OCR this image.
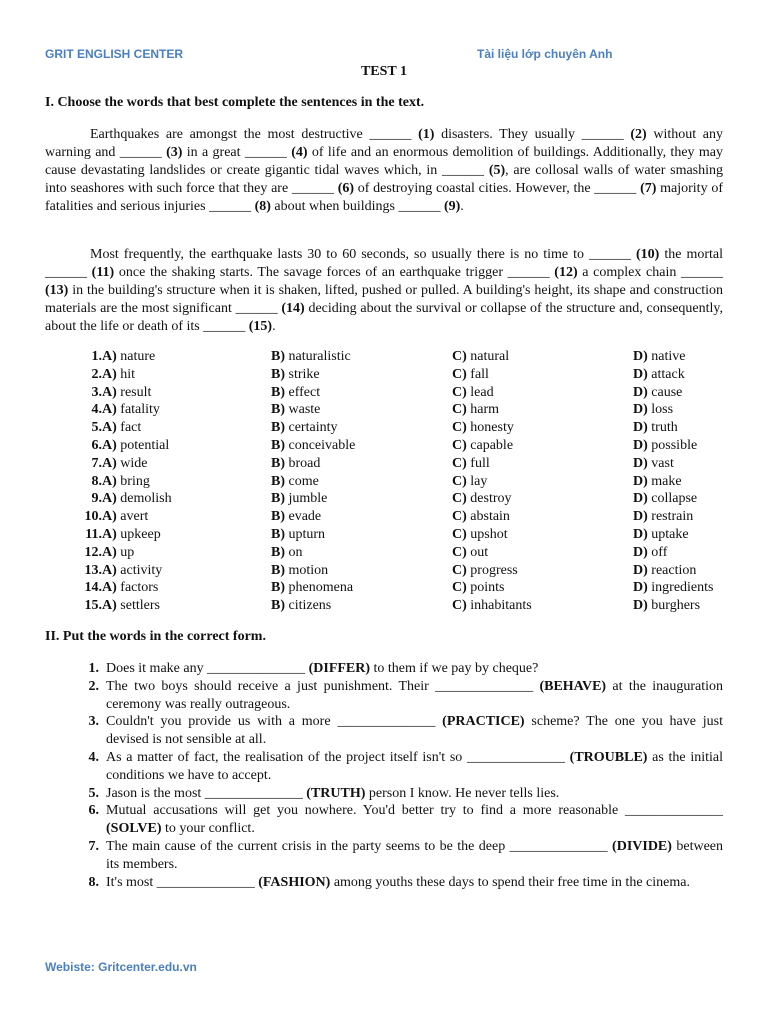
GRIT ENGLISH CENTER	Tài liệu lớp chuyên Anh
TEST 1
I. Choose the words that best complete the sentences in the text.

Earthquakes are amongst the most destructive ______ (1) disasters. They usually ______ (2) without any warning and ______ (3) in a great ______ (4) of life and an enormous demolition of buildings. Additionally, they may cause devastating landslides or create gigantic tidal waves which, in ______ (5), are collosal walls of water smashing into seashores with such force that they are ______ (6) of destroying coastal cities. However, the ______ (7) majority of fatalities and serious injuries ______ (8) about when buildings ______ (9).

Most frequently, the earthquake lasts 30 to 60 seconds, so usually there is no time to ______ (10) the mortal ______ (11) once the shaking starts. The savage forces of an earthquake trigger ______ (12) a complex chain ______ (13) in the building's structure when it is shaken, lifted, pushed or pulled. A building's height, its shape and construction materials are the most significant ______ (14) deciding about the survival or collapse of the structure and, consequently, about the life or death of its ______ (15).

1. A) nature	B) naturalistic	C) natural	D) native
2. A) hit	B) strike	C) fall	D) attack
3. A) result	B) effect	C) lead	D) cause
4. A) fatality	B) waste	C) harm	D) loss
5. A) fact	B) certainty	C) honesty	D) truth
6. A) potential	B) conceivable	C) capable	D) possible
7. A) wide	B) broad	C) full	D) vast
8. A) bring	B) come	C) lay	D) make
9. A) demolish	B) jumble	C) destroy	D) collapse
10. A) avert	B) evade	C) abstain	D) restrain
11. A) upkeep	B) upturn	C) upshot	D) uptake
12. A) up	B) on	C) out	D) off
13. A) activity	B) motion	C) progress	D) reaction
14. A) factors	B) phenomena	C) points	D) ingredients
15. A) settlers	B) citizens	C) inhabitants	D) burghers
II. Put the words in the correct form.
1. Does it make any ______________ (DIFFER) to them if we pay by cheque?
2. The two boys should receive a just punishment. Their ______________ (BEHAVE) at the inauguration ceremony was really outrageous.
3. Couldn't you provide us with a more ______________ (PRACTICE) scheme? The one you have just devised is not sensible at all.
4. As a matter of fact, the realisation of the project itself isn't so ______________ (TROUBLE) as the initial conditions we have to accept.
5. Jason is the most ______________ (TRUTH) person I know. He never tells lies.
6. Mutual accusations will get you nowhere. You'd better try to find a more reasonable ______________ (SOLVE) to your conflict.
7. The main cause of the current crisis in the party seems to be the deep ______________ (DIVIDE) between its members.
8. It's most ______________ (FASHION) among youths these days to spend their free time in the cinema.
Webiste: Gritcenter.edu.vn
